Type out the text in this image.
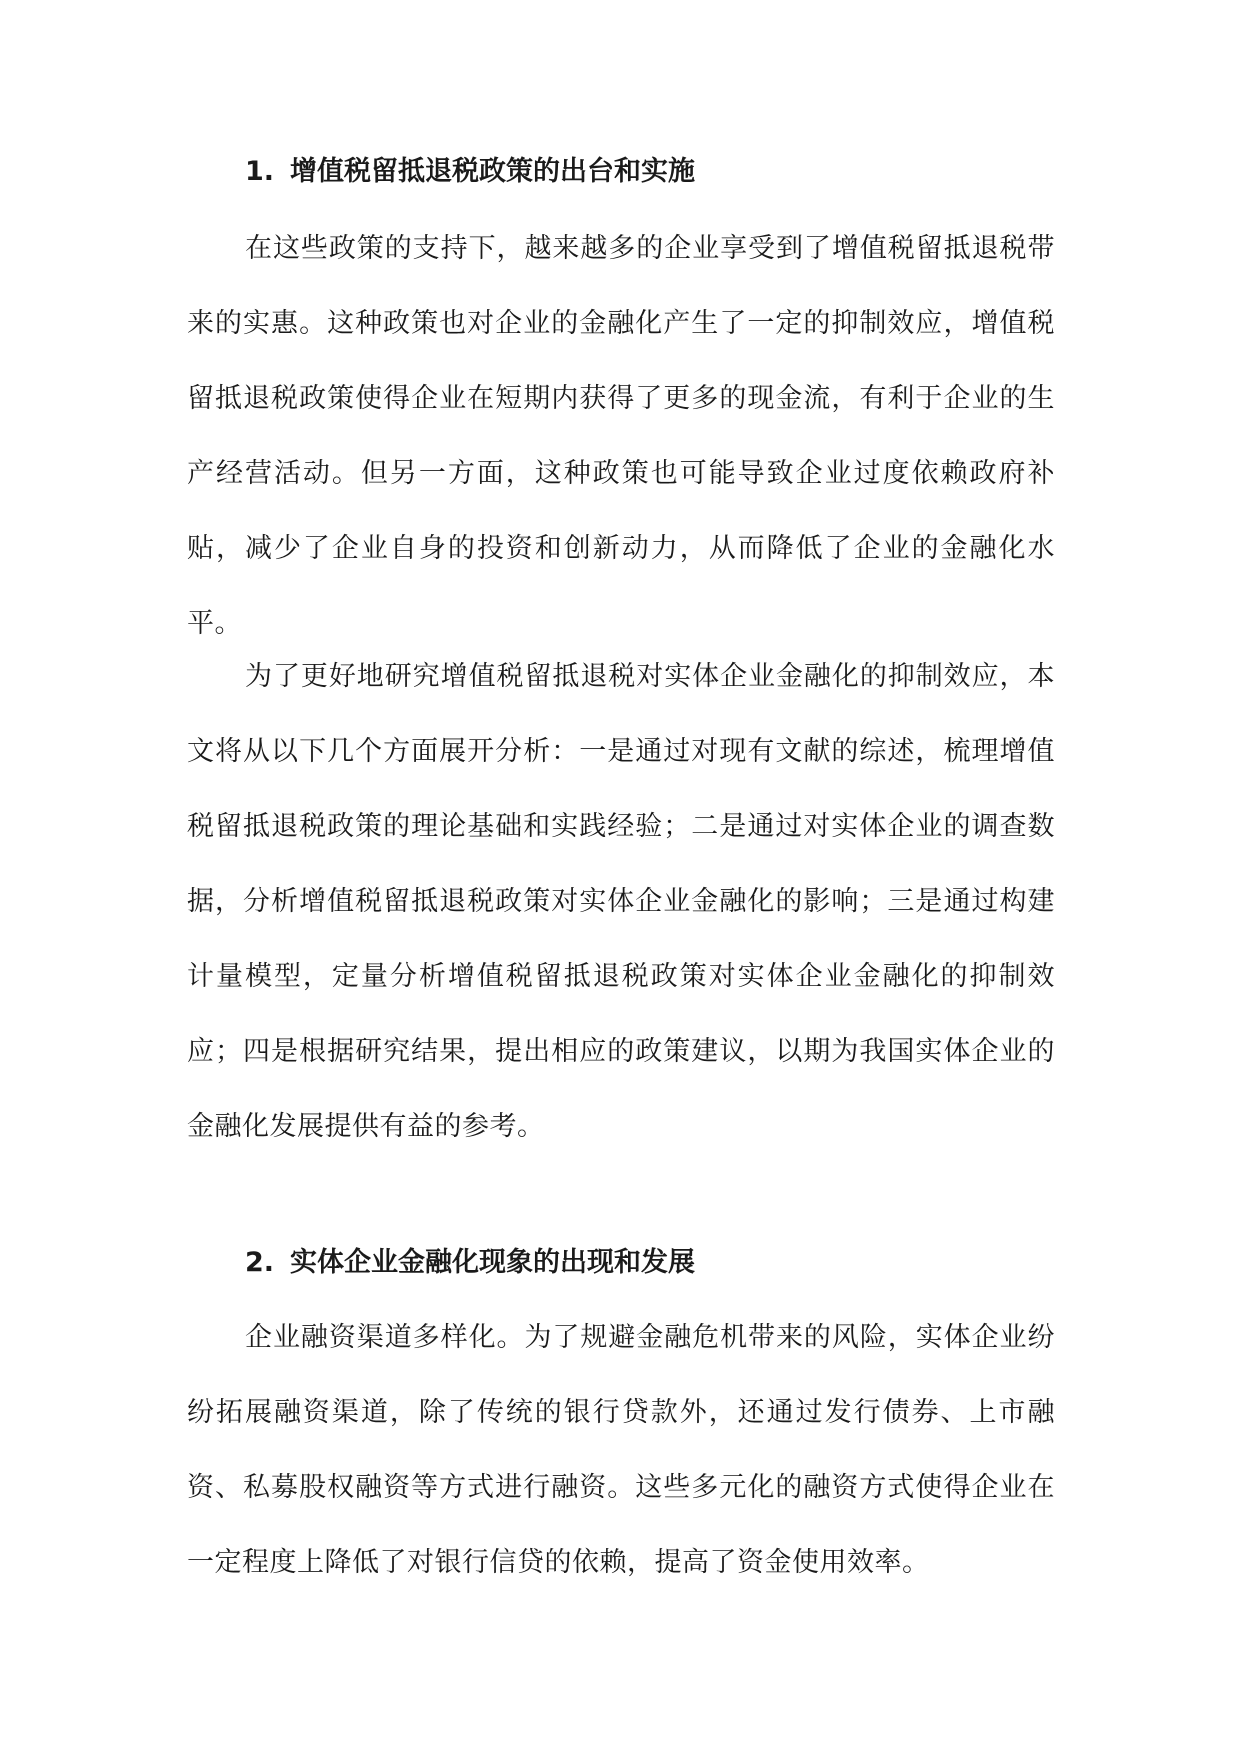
1. 增值税留抵退税政策的出台和实施

在这些政策的支持下，越来越多的企业享受到了增值税留抵退税带来的实惠。这种政策也对企业的金融化产生了一定的抑制效应，增值税留抵退税政策使得企业在短期内获得了更多的现金流，有利于企业的生产经营活动。但另一方面，这种政策也可能导致企业过度依赖政府补贴，减少了企业自身的投资和创新动力，从而降低了企业的金融化水平。

为了更好地研究增值税留抵退税对实体企业金融化的抑制效应，本文将从以下几个方面展开分析：一是通过对现有文献的综述，梳理增值税留抵退税政策的理论基础和实践经验；二是通过对实体企业的调查数据，分析增值税留抵退税政策对实体企业金融化的影响；三是通过构建计量模型，定量分析增值税留抵退税政策对实体企业金融化的抑制效应；四是根据研究结果，提出相应的政策建议，以期为我国实体企业的金融化发展提供有益的参考。

2. 实体企业金融化现象的出现和发展

企业融资渠道多样化。为了规避金融危机带来的风险，实体企业纷纷拓展融资渠道，除了传统的银行贷款外，还通过发行债券、上市融资、私募股权融资等方式进行融资。这些多元化的融资方式使得企业在一定程度上降低了对银行信贷的依赖，提高了资金使用效率。
